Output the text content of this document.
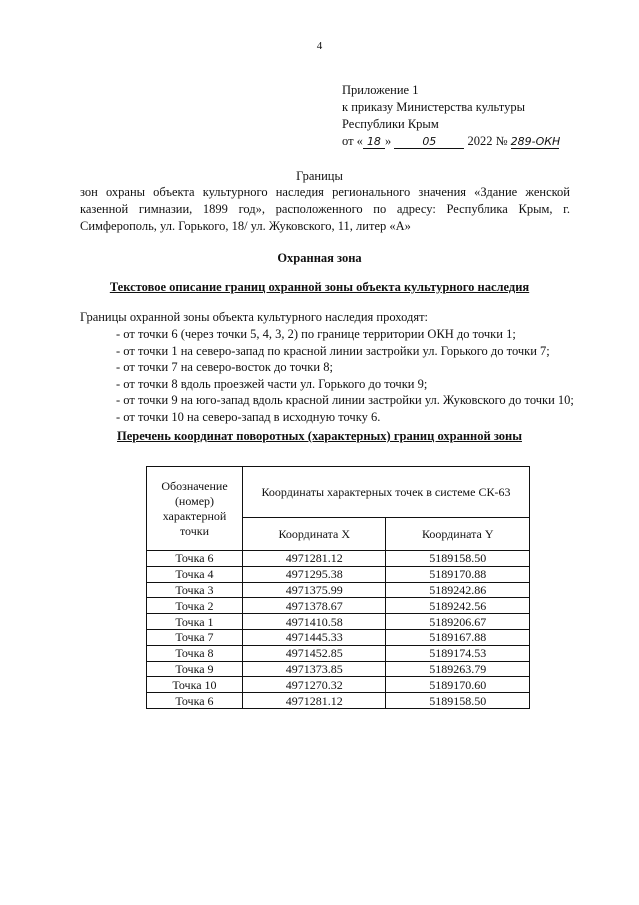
4
Приложение 1
к приказу Министерства культуры
Республики Крым
от « 18 »	05 2022 № 289-ОКН
Границы
зон охраны объекта культурного наследия регионального значения «Здание женской казенной гимназии, 1899 год», расположенного по адресу: Республика Крым, г. Симферополь, ул. Горького, 18/ ул. Жуковского, 11, литер «А»
Охранная зона
Текстовое описание границ охранной зоны объекта культурного наследия
Границы охранной зоны объекта культурного наследия проходят:
- от точки 6 (через точки 5, 4, 3, 2) по границе территории ОКН до точки 1;
- от точки 1 на северо-запад по красной линии застройки ул. Горького до точки 7;
- от точки 7 на северо-восток до точки 8;
- от точки 8 вдоль проезжей части ул. Горького до точки 9;
- от точки 9 на юго-запад вдоль красной линии застройки ул. Жуковского до точки 10;
- от точки 10 на северо-запад в исходную точку 6.
Перечень координат поворотных (характерных) границ охранной зоны
Обозначение (номер) характерной точки	Координаты характерных точек в системе СК-63	
	Координата X	Координата Y
Точка 6	4971281.12	5189158.50
Точка 4	4971295.38	5189170.88
Точка 3	4971375.99	5189242.86
Точка 2	4971378.67	5189242.56
Точка 1	4971410.58	5189206.67
Точка 7	4971445.33	5189167.88
Точка 8	4971452.85	5189174.53
Точка 9	4971373.85	5189263.79
Точка 10	4971270.32	5189170.60
Точка 6	4971281.12	5189158.50
